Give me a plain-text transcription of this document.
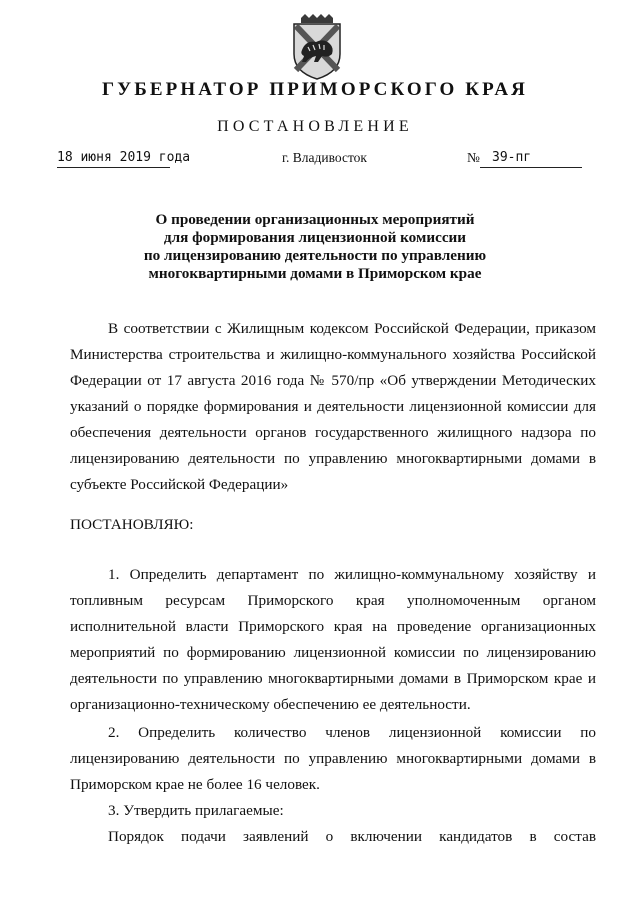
ГУБЕРНАТОР ПРИМОРСКОГО КРАЯ
ПОСТАНОВЛЕНИЕ
18 июня 2019 года	г. Владивосток	№ 39-пг
О проведении организационных мероприятий
для формирования лицензионной комиссии
по лицензированию деятельности по управлению
многоквартирными домами в Приморском крае
В соответствии с Жилищным кодексом Российской Федерации, приказом
Министерства строительства и жилищно-коммунального хозяйства Российской
Федерации от 17 августа 2016 года № 570/пр «Об утверждении Методических
указаний о порядке формирования и деятельности лицензионной комиссии для
обеспечения деятельности органов государственного жилищного надзора по
лицензированию деятельности по управлению многоквартирными домами в
субъекте Российской Федерации»
ПОСТАНОВЛЯЮ:
1. Определить департамент по жилищно-коммунальному хозяйству и
топливным ресурсам Приморского края уполномоченным органом
исполнительной власти Приморского края на проведение организационных
мероприятий по формированию лицензионной комиссии по лицензированию
деятельности по управлению многоквартирными домами в Приморском крае и
организационно-техническому обеспечению ее деятельности.
2. Определить количество членов лицензионной комиссии по
лицензированию деятельности по управлению многоквартирными домами в
Приморском крае не более 16 человек.
3. Утвердить прилагаемые:
Порядок подачи заявлений о включении кандидатов в состав
